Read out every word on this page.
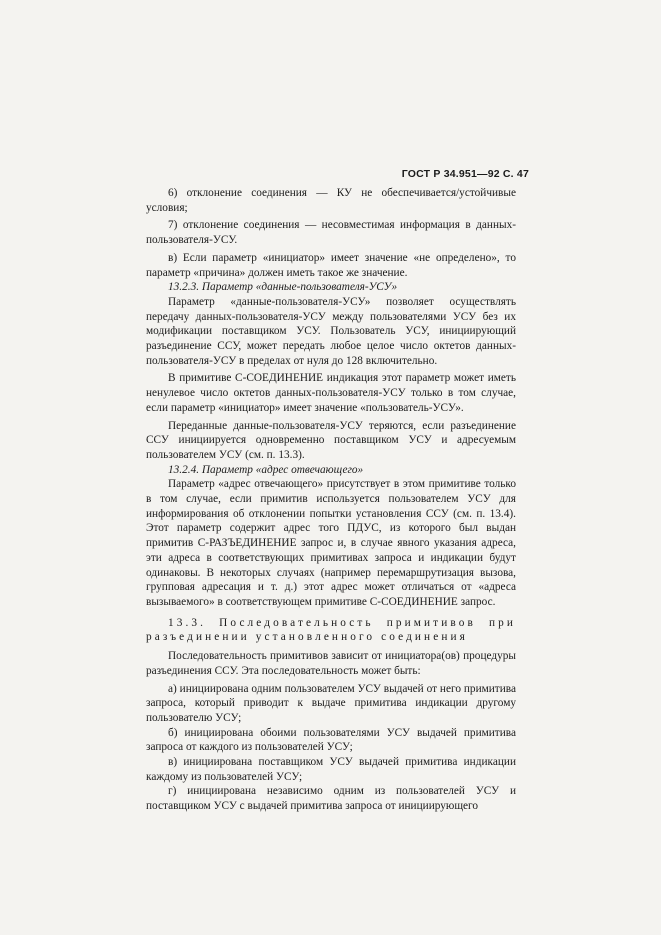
ГОСТ Р 34.951—92 С. 47

6) отклонение соединения — КУ не обеспечивается/устойчивые условия;

7) отклонение соединения — несовместимая информация в данных-пользователя-УСУ.

в) Если параметр «инициатор» имеет значение «не определено», то параметр «причина» должен иметь такое же значение.

13.2.3. Параметр «данные-пользователя-УСУ»

Параметр «данные-пользователя-УСУ» позволяет осуществлять передачу данных-пользователя-УСУ между пользователями УСУ без их модификации поставщиком УСУ. Пользователь УСУ, инициирующий разъединение ССУ, может передать любое целое число октетов данных-пользователя-УСУ в пределах от нуля до 128 включительно.

В примитиве С-СОЕДИНЕНИЕ индикация этот параметр может иметь ненулевое число октетов данных-пользователя-УСУ только в том случае, если параметр «инициатор» имеет значение «пользователь-УСУ».

Переданные данные-пользователя-УСУ теряются, если разъединение ССУ инициируется одновременно поставщиком УСУ и адресуемым пользователем УСУ (см. п. 13.3).

13.2.4. Параметр «адрес отвечающего»

Параметр «адрес отвечающего» присутствует в этом примитиве только в том случае, если примитив используется пользователем УСУ для информирования об отклонении попытки установления ССУ (см. п. 13.4). Этот параметр содержит адрес того ПДУС, из которого был выдан примитив С-РАЗЪЕДИНЕНИЕ запрос и, в случае явного указания адреса, эти адреса в соответствующих примитивах запроса и индикации будут одинаковы. В некоторых случаях (например перемаршрутизация вызова, групповая адресация и т. д.) этот адрес может отличаться от «адреса вызываемого» в соответствующем примитиве С-СОЕДИНЕНИЕ запрос.

13.3. Последовательность примитивов при разъединении установленного соединения

Последовательность примитивов зависит от инициатора(ов) процедуры разъединения ССУ. Эта последовательность может быть:

а) инициирована одним пользователем УСУ выдачей от него примитива запроса, который приводит к выдаче примитива индикации другому пользователю УСУ;

б) инициирована обоими пользователями УСУ выдачей примитива запроса от каждого из пользователей УСУ;

в) инициирована поставщиком УСУ выдачей примитива индикации каждому из пользователей УСУ;

г) инициирована независимо одним из пользователей УСУ и поставщиком УСУ с выдачей примитива запроса от инициирующего
